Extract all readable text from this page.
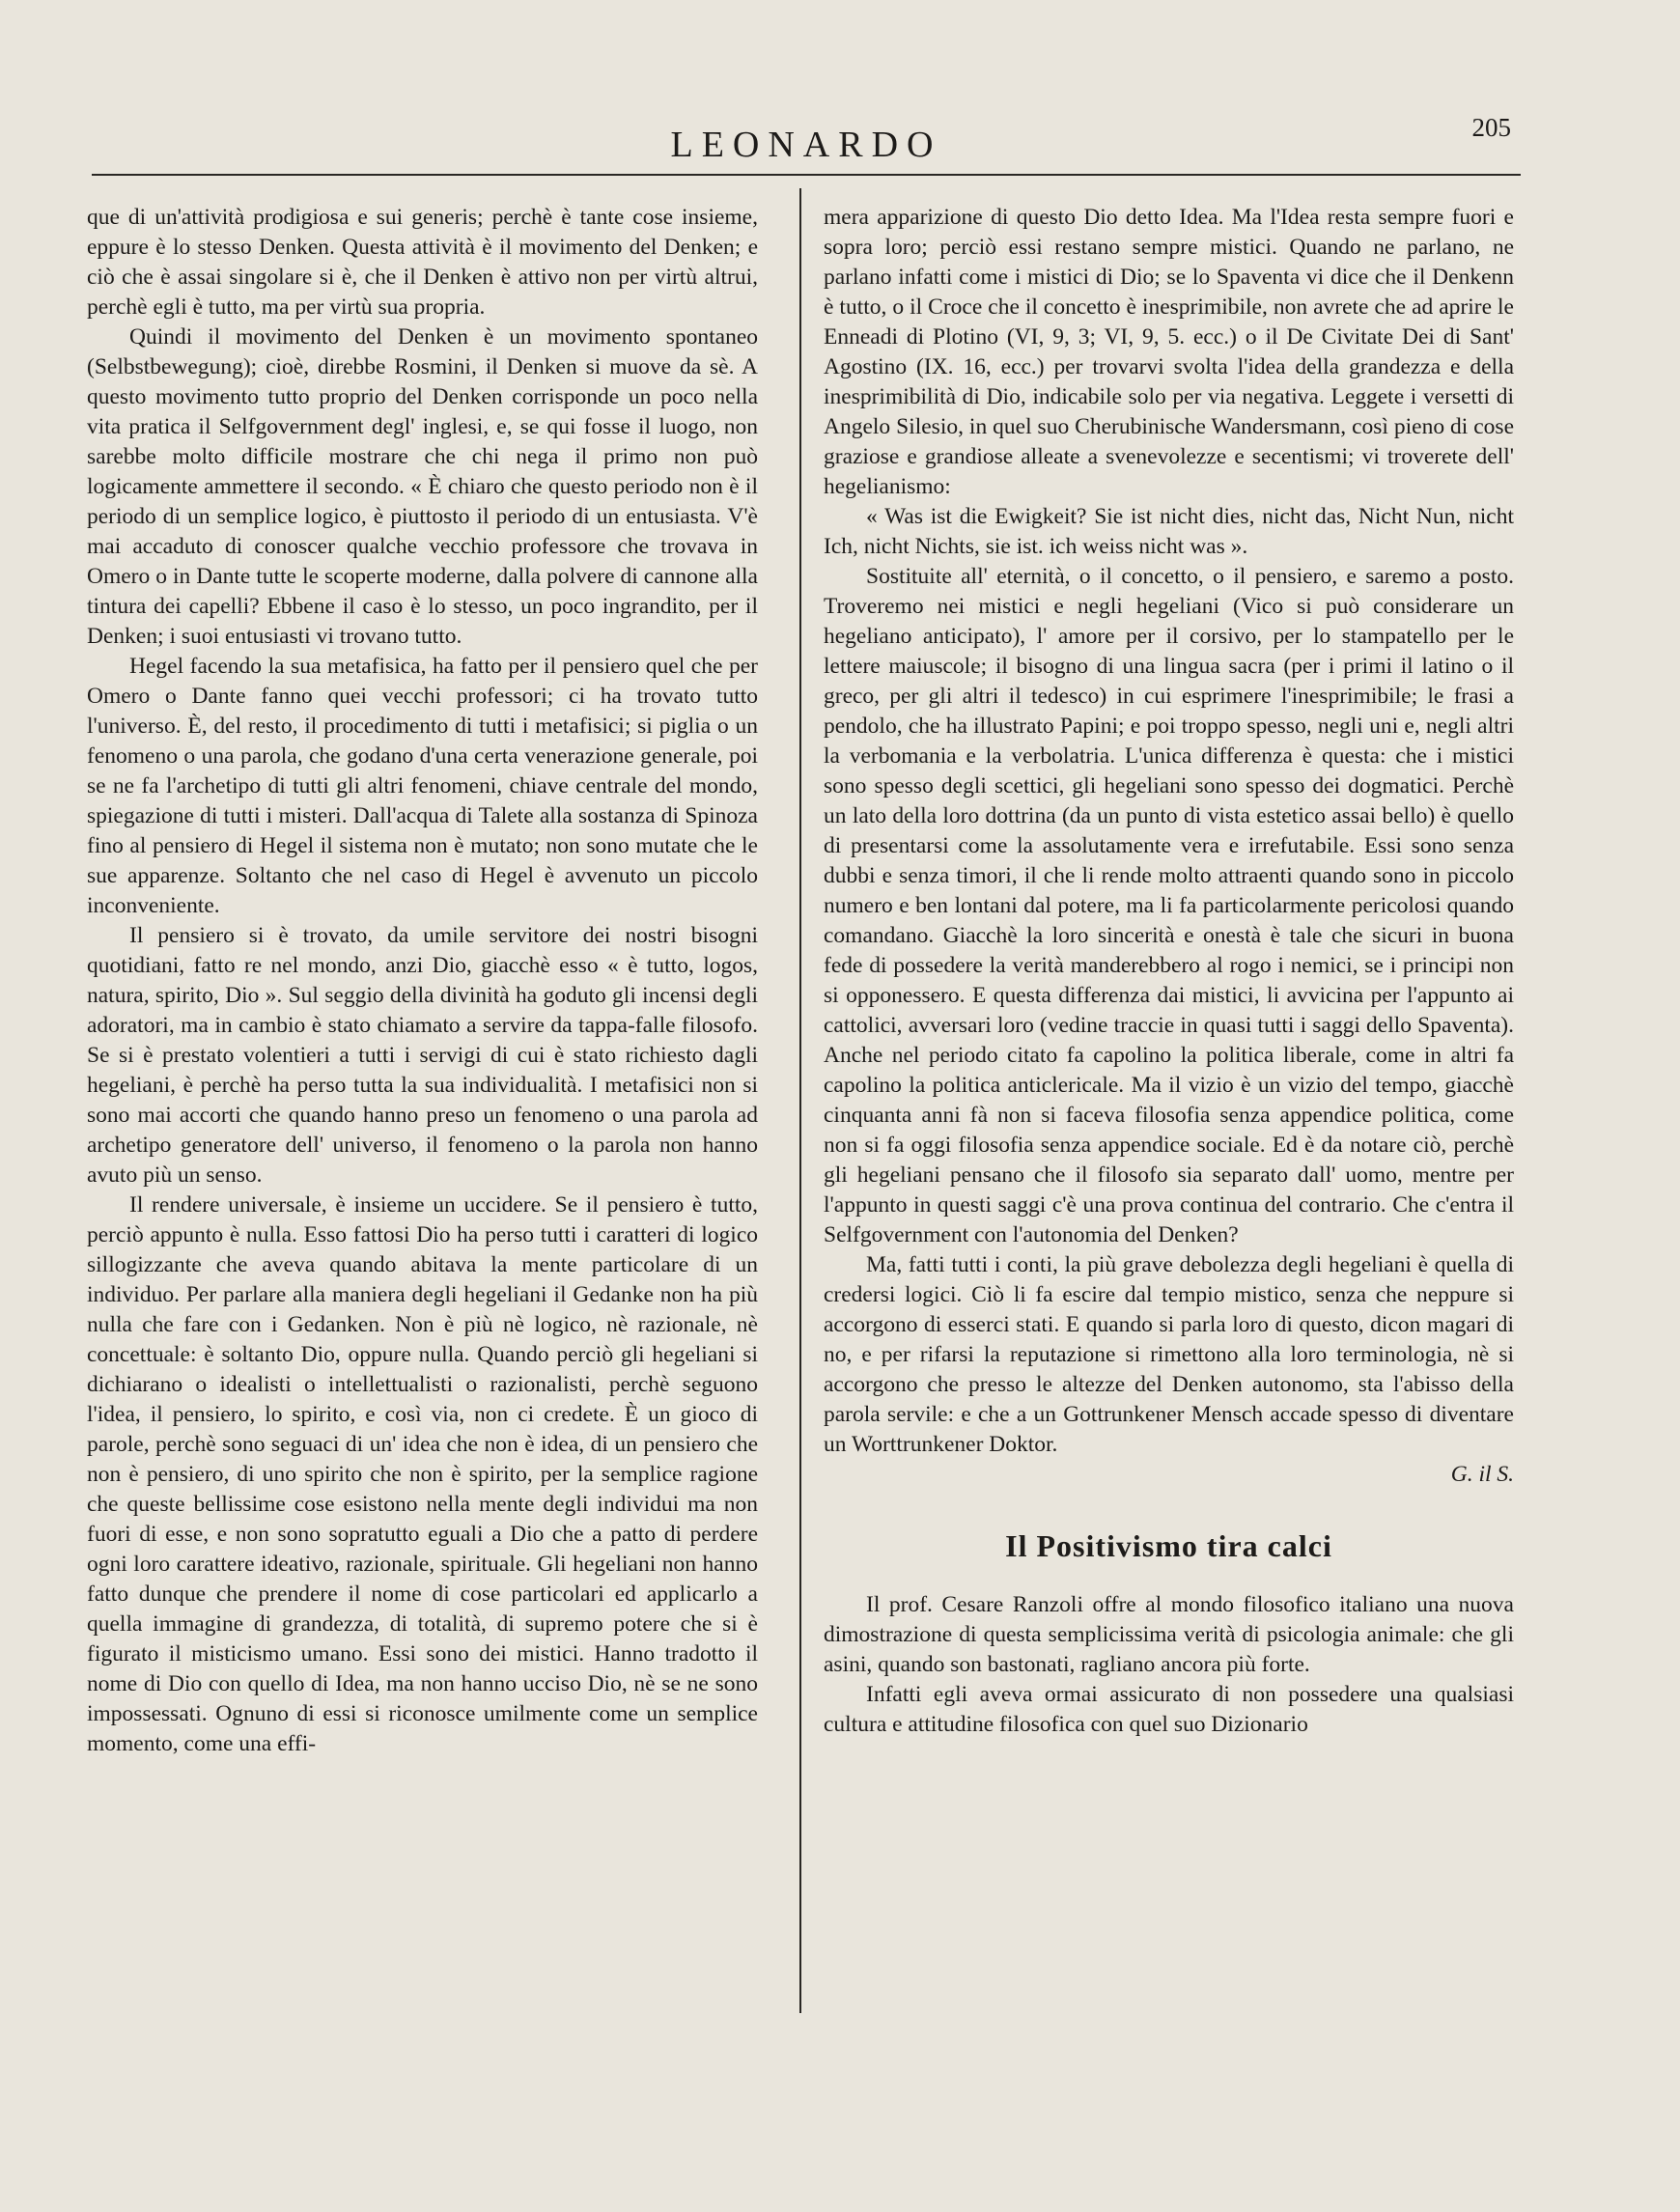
LEONARDO	205

que di un'attività prodigiosa e sui generis; perchè è tante cose insieme, eppure è lo stesso Denken. Questa attività è il movimento del Denken; e ciò che è assai singolare si è, che il Denken è attivo non per virtù altrui, perchè egli è tutto, ma per virtù sua propria.

Quindi il movimento del Denken è un movimento spontaneo (Selbstbewegung); cioè, direbbe Rosmini, il Denken si muove da sè. A questo movimento tutto proprio del Denken corrisponde un poco nella vita pratica il Selfgovernment degl' inglesi, e, se qui fosse il luogo, non sarebbe molto difficile mostrare che chi nega il primo non può logicamente ammettere il secondo. « È chiaro che questo periodo non è il periodo di un semplice logico, è piuttosto il periodo di un entusiasta. V'è mai accaduto di conoscer qualche vecchio professore che trovava in Omero o in Dante tutte le scoperte moderne, dalla polvere di cannone alla tintura dei capelli? Ebbene il caso è lo stesso, un poco ingrandito, per il Denken; i suoi entusiasti vi trovano tutto.

Hegel facendo la sua metafisica, ha fatto per il pensiero quel che per Omero o Dante fanno quei vecchi professori; ci ha trovato tutto l'universo. È, del resto, il procedimento di tutti i metafisici; si piglia o un fenomeno o una parola, che godano d'una certa venerazione generale, poi se ne fa l'archetipo di tutti gli altri fenomeni, chiave centrale del mondo, spiegazione di tutti i misteri. Dall'acqua di Talete alla sostanza di Spinoza fino al pensiero di Hegel il sistema non è mutato; non sono mutate che le sue apparenze. Soltanto che nel caso di Hegel è avvenuto un piccolo inconveniente.

Il pensiero si è trovato, da umile servitore dei nostri bisogni quotidiani, fatto re nel mondo, anzi Dio, giacchè esso « è tutto, logos, natura, spirito, Dio ». Sul seggio della divinità ha goduto gli incensi degli adoratori, ma in cambio è stato chiamato a servire da tappa-falle filosofo. Se si è prestato volentieri a tutti i servigi di cui è stato richiesto dagli hegeliani, è perchè ha perso tutta la sua individualità. I metafisici non si sono mai accorti che quando hanno preso un fenomeno o una parola ad archetipo generatore dell' universo, il fenomeno o la parola non hanno avuto più un senso.

Il rendere universale, è insieme un uccidere. Se il pensiero è tutto, perciò appunto è nulla. Esso fattosi Dio ha perso tutti i caratteri di logico sillogizzante che aveva quando abitava la mente particolare di un individuo. Per parlare alla maniera degli hegeliani il Gedanke non ha più nulla che fare con i Gedanken. Non è più nè logico, nè razionale, nè concettuale: è soltanto Dio, oppure nulla. Quando perciò gli hegeliani si dichiarano o idealisti o intellettualisti o razionalisti, perchè seguono l'idea, il pensiero, lo spirito, e così via, non ci credete. È un gioco di parole, perchè sono seguaci di un' idea che non è idea, di un pensiero che non è pensiero, di uno spirito che non è spirito, per la semplice ragione che queste bellissime cose esistono nella mente degli individui ma non fuori di esse, e non sono sopratutto eguali a Dio che a patto di perdere ogni loro carattere ideativo, razionale, spirituale. Gli hegeliani non hanno fatto dunque che prendere il nome di cose particolari ed applicarlo a quella immagine di grandezza, di totalità, di supremo potere che si è figurato il misticismo umano. Essi sono dei mistici. Hanno tradotto il nome di Dio con quello di Idea, ma non hanno ucciso Dio, nè se ne sono impossessati. Ognuno di essi si riconosce umilmente come un semplice momento, come una effi-

mera apparizione di questo Dio detto Idea. Ma l'Idea resta sempre fuori e sopra loro; perciò essi restano sempre mistici. Quando ne parlano, ne parlano infatti come i mistici di Dio; se lo Spaventa vi dice che il Denkenn è tutto, o il Croce che il concetto è inesprimibile, non avrete che ad aprire le Enneadi di Plotino (VI, 9, 3; VI, 9, 5. ecc.) o il De Civitate Dei di Sant' Agostino (IX. 16, ecc.) per trovarvi svolta l'idea della grandezza e della inesprimibilità di Dio, indicabile solo per via negativa. Leggete i versetti di Angelo Silesio, in quel suo Cherubinische Wandersmann, così pieno di cose graziose e grandiose alleate a svenevolezze e secentismi; vi troverete dell' hegelianismo:

« Was ist die Ewigkeit? Sie ist nicht dies, nicht das, Nicht Nun, nicht Ich, nicht Nichts, sie ist. ich weiss nicht was ».

Sostituite all' eternità, o il concetto, o il pensiero, e saremo a posto. Troveremo nei mistici e negli hegeliani (Vico si può considerare un hegeliano anticipato), l' amore per il corsivo, per lo stampatello per le lettere maiuscole; il bisogno di una lingua sacra (per i primi il latino o il greco, per gli altri il tedesco) in cui esprimere l'inesprimibile; le frasi a pendolo, che ha illustrato Papini; e poi troppo spesso, negli uni e, negli altri la verbomania e la verbolatria. L'unica differenza è questa: che i mistici sono spesso degli scettici, gli hegeliani sono spesso dei dogmatici. Perchè un lato della loro dottrina (da un punto di vista estetico assai bello) è quello di presentarsi come la assolutamente vera e irrefutabile. Essi sono senza dubbi e senza timori, il che li rende molto attraenti quando sono in piccolo numero e ben lontani dal potere, ma li fa particolarmente pericolosi quando comandano. Giacchè la loro sincerità e onestà è tale che sicuri in buona fede di possedere la verità manderebbero al rogo i nemici, se i principi non si opponessero. E questa differenza dai mistici, li avvicina per l'appunto ai cattolici, avversari loro (vedine traccie in quasi tutti i saggi dello Spaventa). Anche nel periodo citato fa capolino la politica liberale, come in altri fa capolino la politica anticlericale. Ma il vizio è un vizio del tempo, giacchè cinquanta anni fà non si faceva filosofia senza appendice politica, come non si fa oggi filosofia senza appendice sociale. Ed è da notare ciò, perchè gli hegeliani pensano che il filosofo sia separato dall' uomo, mentre per l'appunto in questi saggi c'è una prova continua del contrario. Che c'entra il Selfgovernment con l'autonomia del Denken?

Ma, fatti tutti i conti, la più grave debolezza degli hegeliani è quella di credersi logici. Ciò li fa escire dal tempio mistico, senza che neppure si accorgono di esserci stati. E quando si parla loro di questo, dicon magari di no, e per rifarsi la reputazione si rimettono alla loro terminologia, nè si accorgono che presso le altezze del Denken autonomo, sta l'abisso della parola servile: e che a un Gottrunkener Mensch accade spesso di diventare un Worttrunkener Doktor.

G. il S.

Il Positivismo tira calci

Il prof. Cesare Ranzoli offre al mondo filosofico italiano una nuova dimostrazione di questa semplicissima verità di psicologia animale: che gli asini, quando son bastonati, ragliano ancora più forte.

Infatti egli aveva ormai assicurato di non possedere una qualsiasi cultura e attitudine filosofica con quel suo Dizionario
